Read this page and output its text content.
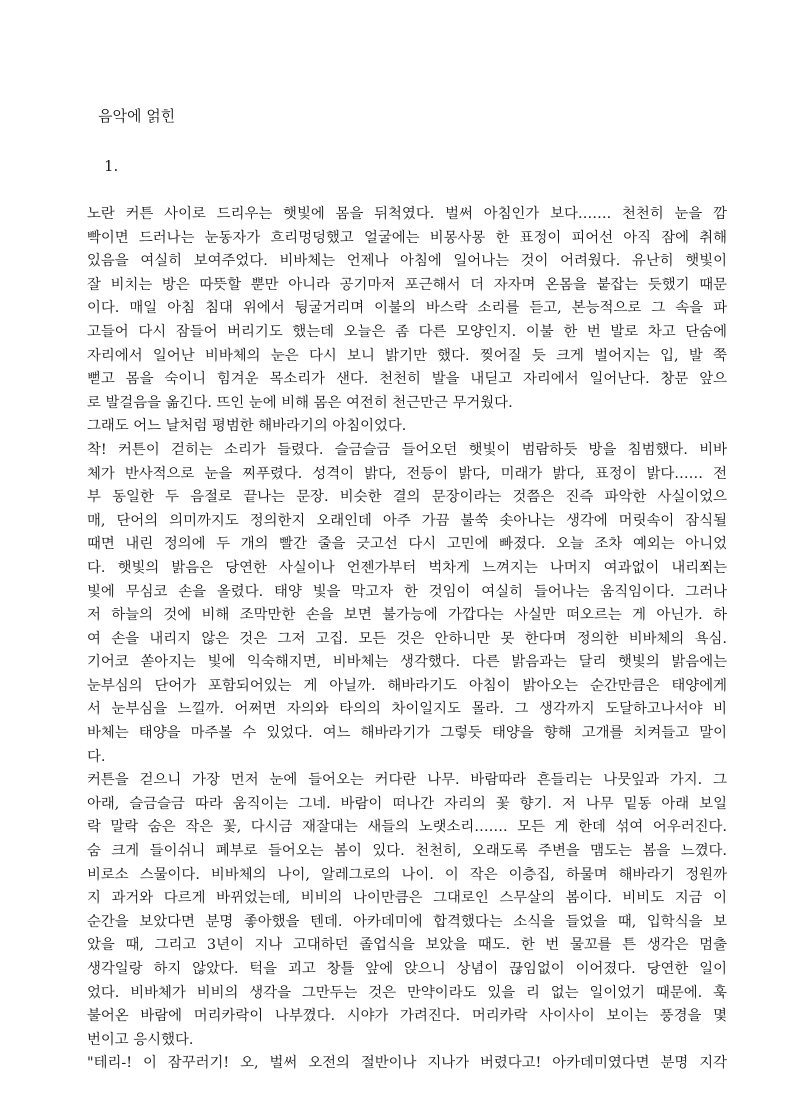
음악에 얽힌
1.
노란 커튼 사이로 드리우는 햇빛에 몸을 뒤척였다. 벌써 아침인가 보다……. 천천히 눈을 깜
빡이면 드러나는 눈동자가 흐리멍덩했고 얼굴에는 비몽사몽 한 표정이 피어선 아직 잠에 취해
있음을 여실히 보여주었다. 비바체는 언제나 아침에 일어나는 것이 어려웠다. 유난히 햇빛이
잘 비치는 방은 따뜻할 뿐만 아니라 공기마저 포근해서 더 자자며 온몸을 붙잡는 듯했기 때문
이다. 매일 아침 침대 위에서 뒹굴거리며 이불의 바스락 소리를 듣고, 본능적으로 그 속을 파
고들어 다시 잠들어 버리기도 했는데 오늘은 좀 다른 모양인지. 이불 한 번 발로 차고 단숨에
자리에서 일어난 비바체의 눈은 다시 보니 밝기만 했다. 찢어질 듯 크게 벌어지는 입, 발 쭉
뻗고 몸을 숙이니 힘겨운 목소리가 샌다. 천천히 발을 내딛고 자리에서 일어난다. 창문 앞으
로 발걸음을 옮긴다. 뜨인 눈에 비해 몸은 여전히 천근만근 무거웠다.
그래도 어느 날처럼 평범한 해바라기의 아침이었다.
착! 커튼이 걷히는 소리가 들렸다. 슬금슬금 들어오던 햇빛이 범람하듯 방을 침범했다. 비바
체가 반사적으로 눈을 찌푸렸다. 성격이 밝다, 전등이 밝다, 미래가 밝다, 표정이 밝다…… 전
부 동일한 두 음절로 끝나는 문장. 비슷한 결의 문장이라는 것쯤은 진즉 파악한 사실이었으
매, 단어의 의미까지도 정의한지 오래인데 아주 가끔 불쑥 솟아나는 생각에 머릿속이 잠식될
때면 내린 정의에 두 개의 빨간 줄을 긋고선 다시 고민에 빠졌다. 오늘 조차 예외는 아니었
다. 햇빛의 밝음은 당연한 사실이나 언젠가부터 벅차게 느껴지는 나머지 여과없이 내리쬐는
빛에 무심코 손을 올렸다. 태양 빛을 막고자 한 것임이 여실히 들어나는 움직임이다. 그러나
저 하늘의 것에 비해 조막만한 손을 보면 불가능에 가깝다는 사실만 떠오르는 게 아닌가. 하
여 손을 내리지 않은 것은 그저 고집. 모든 것은 안하니만 못 한다며 정의한 비바체의 욕심.
기어코 쏟아지는 빛에 익숙해지면, 비바체는 생각했다. 다른 밝음과는 달리 햇빛의 밝음에는
눈부심의 단어가 포함되어있는 게 아닐까. 해바라기도 아침이 밝아오는 순간만큼은 태양에게
서 눈부심을 느낄까. 어쩌면 자의와 타의의 차이일지도 몰라. 그 생각까지 도달하고나서야 비
바체는 태양을 마주볼 수 있었다. 여느 해바라기가 그렇듯 태양을 향해 고개를 치켜들고 말이
다.
커튼을 걷으니 가장 먼저 눈에 들어오는 커다란 나무. 바람따라 흔들리는 나뭇잎과 가지. 그
아래, 슬금슬금 따라 움직이는 그네. 바람이 떠나간 자리의 꽃 향기. 저 나무 밑동 아래 보일
락 말락 숨은 작은 꽃, 다시금 재잘대는 새들의 노랫소리……. 모든 게 한데 섞여 어우러진다.
숨 크게 들이쉬니 폐부로 들어오는 봄이 있다. 천천히, 오래도록 주변을 맴도는 봄을 느꼈다.
비로소 스물이다. 비바체의 나이, 알레그로의 나이. 이 작은 이층집, 하물며 해바라기 정원까
지 과거와 다르게 바뀌었는데, 비비의 나이만큼은 그대로인 스무살의 봄이다. 비비도 지금 이
순간을 보았다면 분명 좋아했을 텐데. 아카데미에 합격했다는 소식을 들었을 때, 입학식을 보
았을 때, 그리고 3년이 지나 고대하던 졸업식을 보았을 때도. 한 번 물꼬를 튼 생각은 멈출
생각일랑 하지 않았다. 턱을 괴고 창틀 앞에 앉으니 상념이 끊임없이 이어졌다. 당연한 일이
었다. 비바체가 비비의 생각을 그만두는 것은 만약이라도 있을 리 없는 일이었기 때문에. 훅
불어온 바람에 머리카락이 나부꼈다. 시야가 가려진다. 머리카락 사이사이 보이는 풍경을 몇
번이고 응시했다.
"테리-! 이 잠꾸러기! 오, 벌써 오전의 절반이나 지나가 버렸다고! 아카데미였다면 분명 지각
